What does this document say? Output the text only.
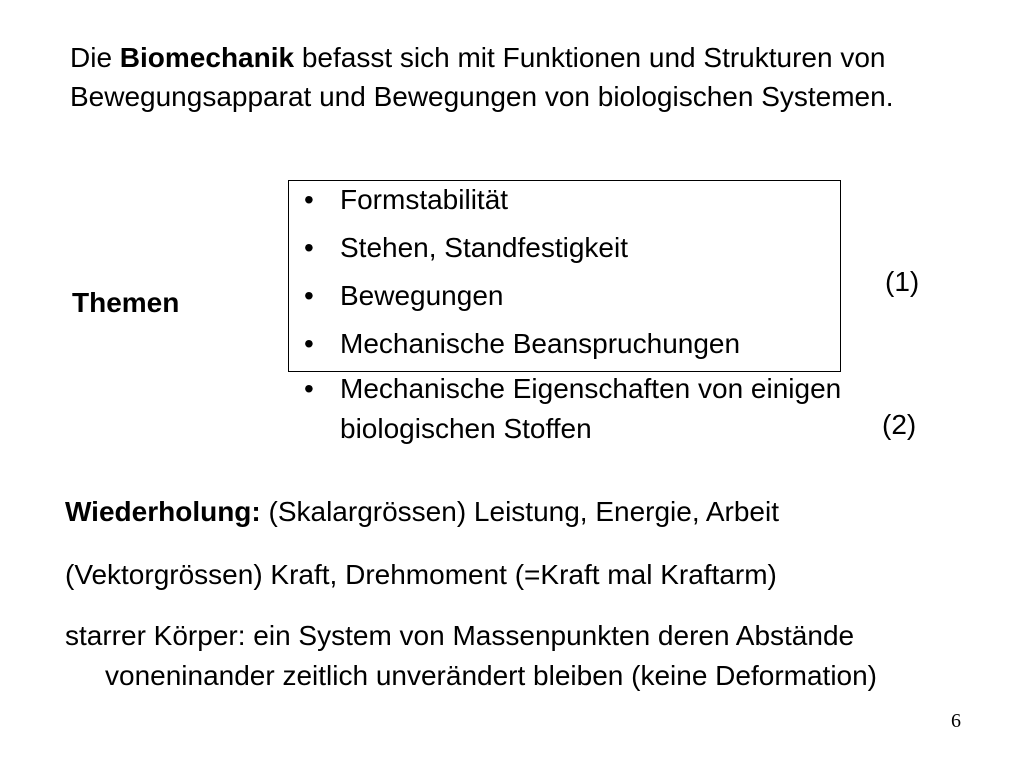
Die Biomechanik befasst sich mit Funktionen und Strukturen von Bewegungsapparat und Bewegungen von biologischen Systemen.
Themen
• Formstabilität
• Stehen, Standfestigkeit
• Bewegungen
• Mechanische Beanspruchungen
• Mechanische Eigenschaften von einigen biologischen Stoffen
(1)
(2)

Wiederholung: (Skalargrössen) Leistung, Energie, Arbeit

(Vektorgrössen) Kraft, Drehmoment (=Kraft mal Kraftarm)

starrer Körper: ein System von Massenpunkten deren Abstände voneninander zeitlich unverändert bleiben (keine Deformation)

6
